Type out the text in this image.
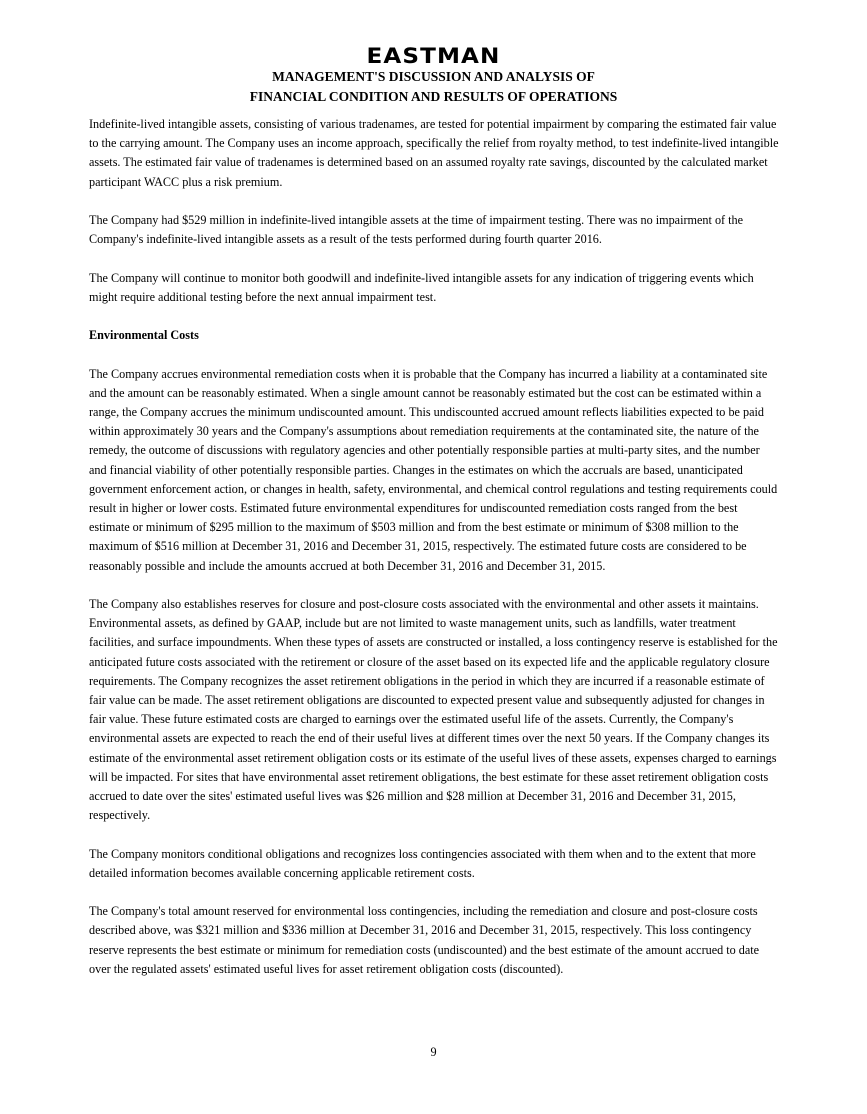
EASTMAN
MANAGEMENT'S DISCUSSION AND ANALYSIS OF
FINANCIAL CONDITION AND RESULTS OF OPERATIONS

Indefinite-lived intangible assets, consisting of various tradenames, are tested for potential impairment by comparing the estimated fair value to the carrying amount. The Company uses an income approach, specifically the relief from royalty method, to test indefinite-lived intangible assets. The estimated fair value of tradenames is determined based on an assumed royalty rate savings, discounted by the calculated market participant WACC plus a risk premium.

The Company had $529 million in indefinite-lived intangible assets at the time of impairment testing. There was no impairment of the Company's indefinite-lived intangible assets as a result of the tests performed during fourth quarter 2016.

The Company will continue to monitor both goodwill and indefinite-lived intangible assets for any indication of triggering events which might require additional testing before the next annual impairment test.

Environmental Costs

The Company accrues environmental remediation costs when it is probable that the Company has incurred a liability at a contaminated site and the amount can be reasonably estimated. When a single amount cannot be reasonably estimated but the cost can be estimated within a range, the Company accrues the minimum undiscounted amount. This undiscounted accrued amount reflects liabilities expected to be paid within approximately 30 years and the Company's assumptions about remediation requirements at the contaminated site, the nature of the remedy, the outcome of discussions with regulatory agencies and other potentially responsible parties at multi-party sites, and the number and financial viability of other potentially responsible parties. Changes in the estimates on which the accruals are based, unanticipated government enforcement action, or changes in health, safety, environmental, and chemical control regulations and testing requirements could result in higher or lower costs. Estimated future environmental expenditures for undiscounted remediation costs ranged from the best estimate or minimum of $295 million to the maximum of $503 million and from the best estimate or minimum of $308 million to the maximum of $516 million at December 31, 2016 and December 31, 2015, respectively. The estimated future costs are considered to be reasonably possible and include the amounts accrued at both December 31, 2016 and December 31, 2015.

The Company also establishes reserves for closure and post-closure costs associated with the environmental and other assets it maintains. Environmental assets, as defined by GAAP, include but are not limited to waste management units, such as landfills, water treatment facilities, and surface impoundments. When these types of assets are constructed or installed, a loss contingency reserve is established for the anticipated future costs associated with the retirement or closure of the asset based on its expected life and the applicable regulatory closure requirements. The Company recognizes the asset retirement obligations in the period in which they are incurred if a reasonable estimate of fair value can be made. The asset retirement obligations are discounted to expected present value and subsequently adjusted for changes in fair value. These future estimated costs are charged to earnings over the estimated useful life of the assets. Currently, the Company's environmental assets are expected to reach the end of their useful lives at different times over the next 50 years. If the Company changes its estimate of the environmental asset retirement obligation costs or its estimate of the useful lives of these assets, expenses charged to earnings will be impacted. For sites that have environmental asset retirement obligations, the best estimate for these asset retirement obligation costs accrued to date over the sites' estimated useful lives was $26 million and $28 million at December 31, 2016 and December 31, 2015, respectively.

The Company monitors conditional obligations and recognizes loss contingencies associated with them when and to the extent that more detailed information becomes available concerning applicable retirement costs.

The Company's total amount reserved for environmental loss contingencies, including the remediation and closure and post-closure costs described above, was $321 million and $336 million at December 31, 2016 and December 31, 2015, respectively. This loss contingency reserve represents the best estimate or minimum for remediation costs (undiscounted) and the best estimate of the amount accrued to date over the regulated assets' estimated useful lives for asset retirement obligation costs (discounted).

9
